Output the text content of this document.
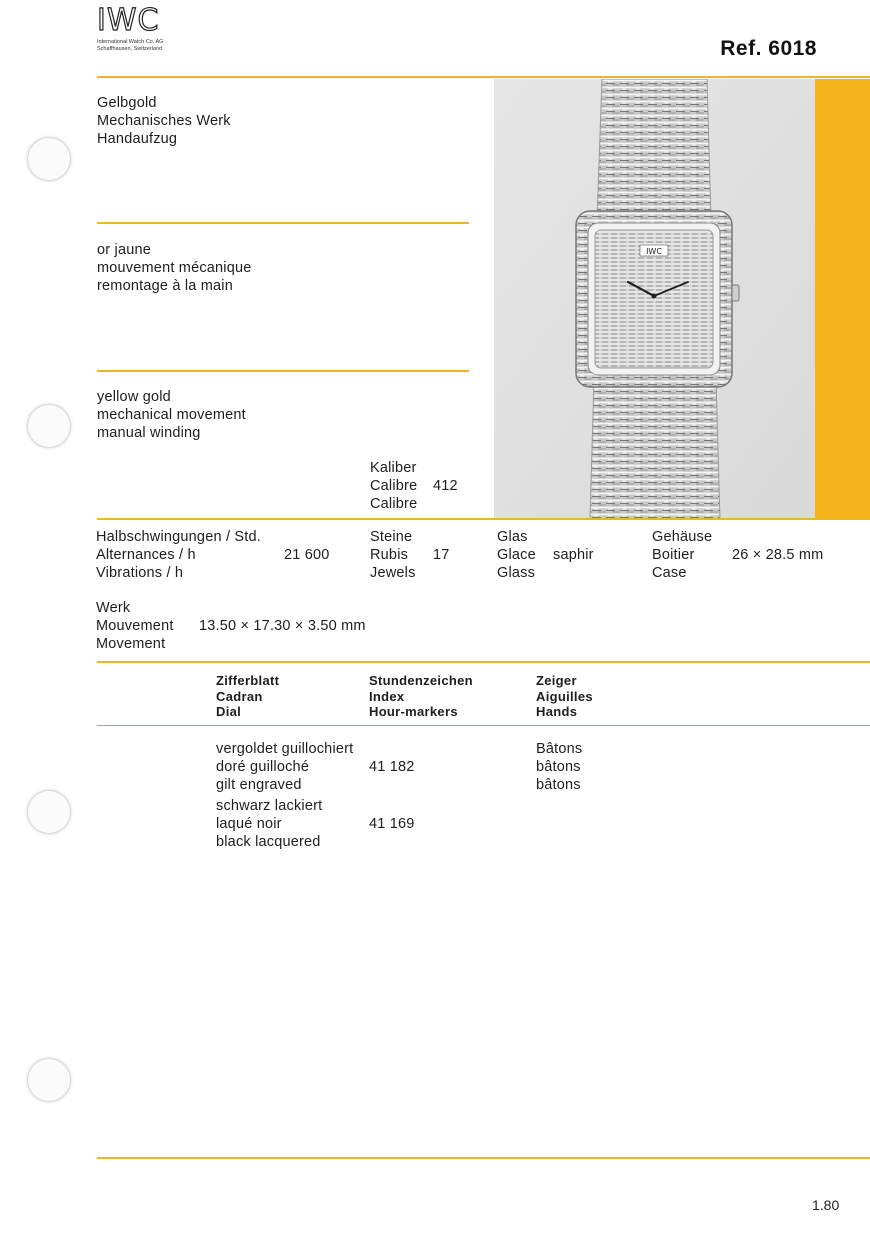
IWC
International Watch Co. AG
Schaffhausen, Switzerland	Ref. 6018
Gelbgold
Mechanisches Werk
Handaufzug
or jaune
mouvement mécanique
remontage à la main
yellow gold
mechanical movement
manual winding
IWC
Kaliber
Calibre
Calibre
412
Halbschwingungen / Std.
Alternances / h
Vibrations / h
21 600
Steine
Rubis
Jewels
17
Glas
Glace
Glass
saphir
Gehäuse
Boitier
Case
26 × 28.5 mm
Werk
Mouvement
Movement
13.50 × 17.30 × 3.50 mm
Zifferblatt
Cadran
Dial
Stundenzeichen
Index
Hour-markers
Zeiger
Aiguilles
Hands
vergoldet guillochiert
doré guilloché
gilt engraved
41 182
Bâtons
bâtons
bâtons
schwarz lackiert
laqué noir
black lacquered
41 169
1.80
